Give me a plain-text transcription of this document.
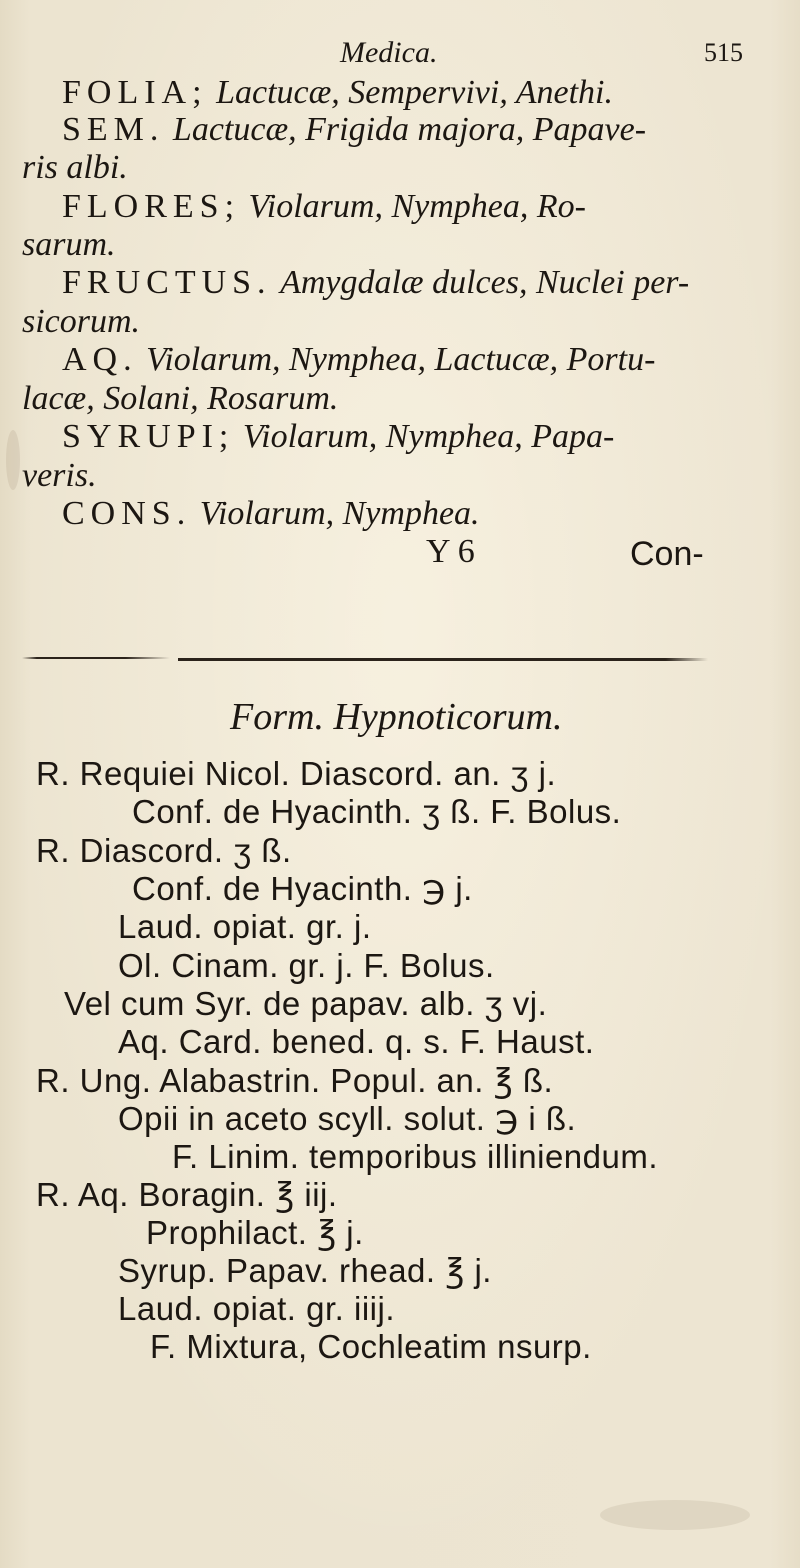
Medica.	515
FOLIA; Lactucæ, Sempervivi, Anethi.
SEM. Lactucæ, Frigida majora, Papave-
ris albi.
FLORES; Violarum, Nymphea, Ro-
sarum.
FRUCTUS. Amygdalæ dulces, Nuclei per-
sicorum.
AQ. Violarum, Nymphea, Lactucæ, Portu-
lacæ, Solani, Rosarum.
SYRUPI; Violarum, Nymphea, Papa-
veris.
CONS. Violarum, Nymphea.
Y 6	Con-
Form. Hypnoticorum.
R. Requiei Nicol. Diascord. an. ʒ j.
Conf. de Hyacinth. ʒ ß. F. Bolus.
R. Diascord. ʒ ß.
Conf. de Hyacinth. ℈ j.
Laud. opiat. gr. j.
Ol. Cinam. gr. j. F. Bolus.
Vel cum Syr. de papav. alb. ʒ vj.
Aq. Card. bened. q. s. F. Haust.
R. Ung. Alabastrin. Popul. an. ℥ ß.
Opii in aceto scyll. solut. ℈ i ß.
F. Linim. temporibus illiniendum.
R. Aq. Boragin. ℥ iij.
Prophilact. ℥ j.
Syrup. Papav. rhead. ℥ j.
Laud. opiat. gr. iiij.
F. Mixtura, Cochleatim nsurp.
